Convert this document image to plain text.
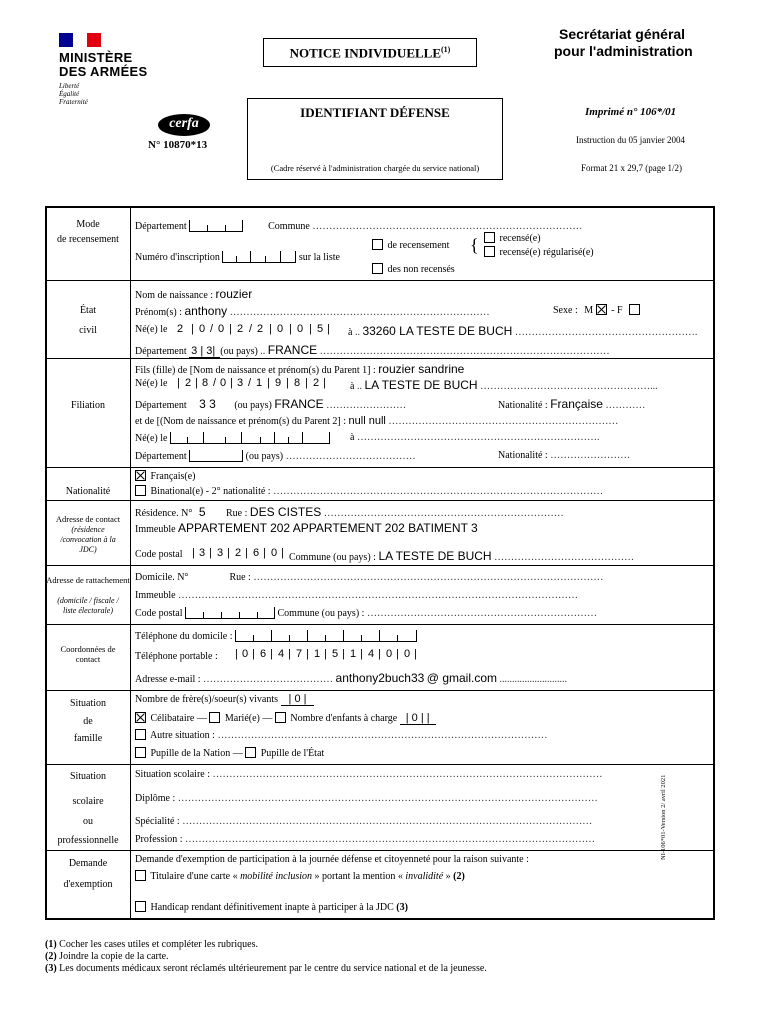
MINISTÈRE
DES ARMÉES
Liberté
Égalité
Fraternité
cerfa
N° 10870*13
NOTICE INDIVIDUELLE$^{(1)}$
IDENTIFIANT DÉFENSE
(Cadre réservé à l'administration chargée du service national)
Secrétariat général
pour l'administration
Imprimé n° 106*/01
Instruction du 05 janvier 2004
Format 21 x 29,7 (page 1/2)
Mode
de recensement
Département	Commune ………………………………………………………………………
Numéro d'inscription	sur la liste
de recensement
des non recensés
{	recensé(e)
recensé(e) régularisé(e)
État
civil
Nom de naissance : rouzier
Prénom(s) : anthony ……………………………………………………………………	Sexe : M - F
Né(e) le 2 | 0 / 0 | 2 / 2 | 0 | 0 | 5 | à .. 33260 LA TESTE DE BUCH ……………………………………………….
Département 3 | 3| (ou pays) .. FRANCE ……………………………………………………………………………
Filiation
Fils (fille) de [Nom de naissance et prénom(s) du Parent 1] : rouzier sandrine
Né(e) le | 2 | 8 / 0 | 3 / 1 | 9 | 8 | 2 | à .. LA TESTE DE BUCH ……………………………………………...
Département 3 3 (ou pays) FRANCE ……………………	Nationalité : Française …………
et de [(Nom de naissance et prénom(s) du Parent 2] : null null ……………………………………………………………
Né(e) le	à ……………………………………………………………….
Département	(ou pays) …………………………………	Nationalité : ……………………
Nationalité
Français(e)
Binational(e) - 2° nationalité : ………………………………………………………………………………………
Adresse de contact
(résidence /convocation à la JDC)
Résidence. N° 5 Rue : DES CISTES ………………………………………………………………
Immeuble APPARTEMENT 202 APPARTEMENT 202 BATIMENT 3
Code postal | 3 | 3 | 2 | 6 | 0 | Commune (ou pays) : LA TESTE DE BUCH ……………………………………
Adresse de rattachement
(domicile / fiscale / liste électorale)
Domicile. N°	Rue : ……………………………………………………………………………………………
Immeuble …………………………………………………………………………………………………………
Code postal	Commune (ou pays) : ……………………………………………………………
Coordonnées de contact
Téléphone du domicile :
Téléphone portable : | 0 | 6 | 4 | 7 | 1 | 5 | 1 | 4 | 0 | 0 |
Adresse e-mail : ………………………………… anthony2buch33 @ gmail.com ...........................
Situation
de
famille
Nombre de frère(s)/soeur(s) vivants | 0 |
Célibataire — Marié(e) — Nombre d'enfants à charge | 0 | |
Autre situation : ………………………………………………………………………………………
Pupille de la Nation — Pupille de l'État
Situation
scolaire
ou
professionnelle
Situation scolaire : ………………………………………………………………………………………………………
Diplôme : ………………………………………………………………………………………………………………
Spécialité : ……………………………………………………………………………………………………………
Profession : ……………………………………………………………………………………………………………
Demande
d'exemption
Demande d'exemption de participation à la journée défense et citoyenneté pour la raison suivante :
Titulaire d'une carte « mobilité inclusion » portant la mention « invalidité » (2)
Handicap rendant définitivement inapte à participer à la JDC (3)
NI-106*01-Version 2/ avril 2021
(1) Cocher les cases utiles et compléter les rubriques.
(2) Joindre la copie de la carte.
(3) Les documents médicaux seront réclamés ultérieurement par le centre du service national et de la jeunesse.
